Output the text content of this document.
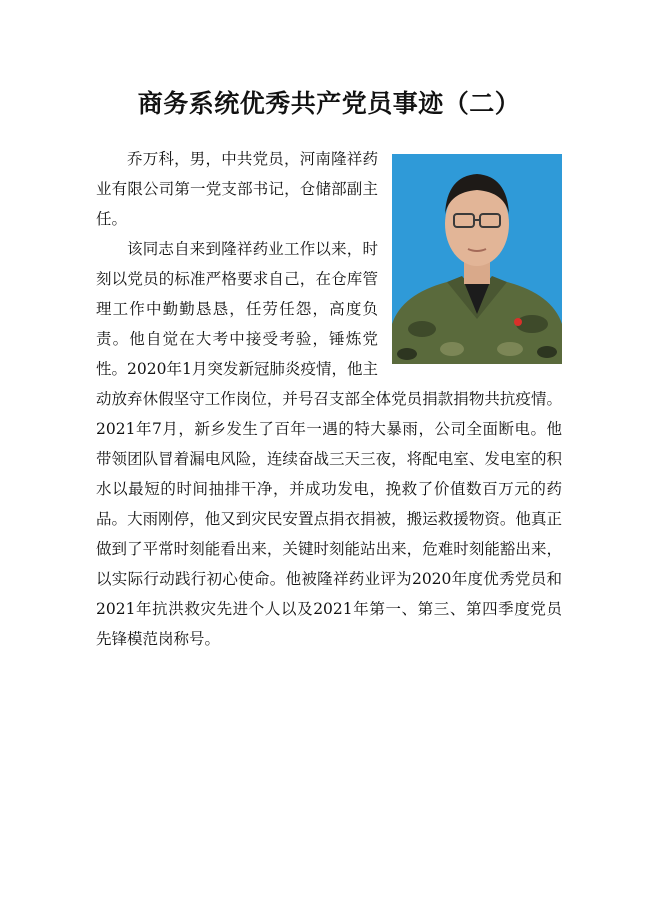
商务系统优秀共产党员事迹（二）

乔万科，男，中共党员，河南隆祥药业有限公司第一党支部书记，仓储部副主任。

该同志自来到隆祥药业工作以来，时刻以党员的标准严格要求自己，在仓库管理工作中勤勤恳恳，任劳任怨，高度负责。他自觉在大考中接受考验，锤炼党性。2020年1月突发新冠肺炎疫情，他主动放弃休假坚守工作岗位，并号召支部全体党员捐款捐物共抗疫情。2021年7月，新乡发生了百年一遇的特大暴雨，公司全面断电。他带领团队冒着漏电风险，连续奋战三天三夜，将配电室、发电室的积水以最短的时间抽排干净，并成功发电，挽救了价值数百万元的药品。大雨刚停，他又到灾民安置点捐衣捐被，搬运救援物资。他真正做到了平常时刻能看出来，关键时刻能站出来，危难时刻能豁出来，以实际行动践行初心使命。他被隆祥药业评为2020年度优秀党员和2021年抗洪救灾先进个人以及2021年第一、第三、第四季度党员先锋模范岗称号。
